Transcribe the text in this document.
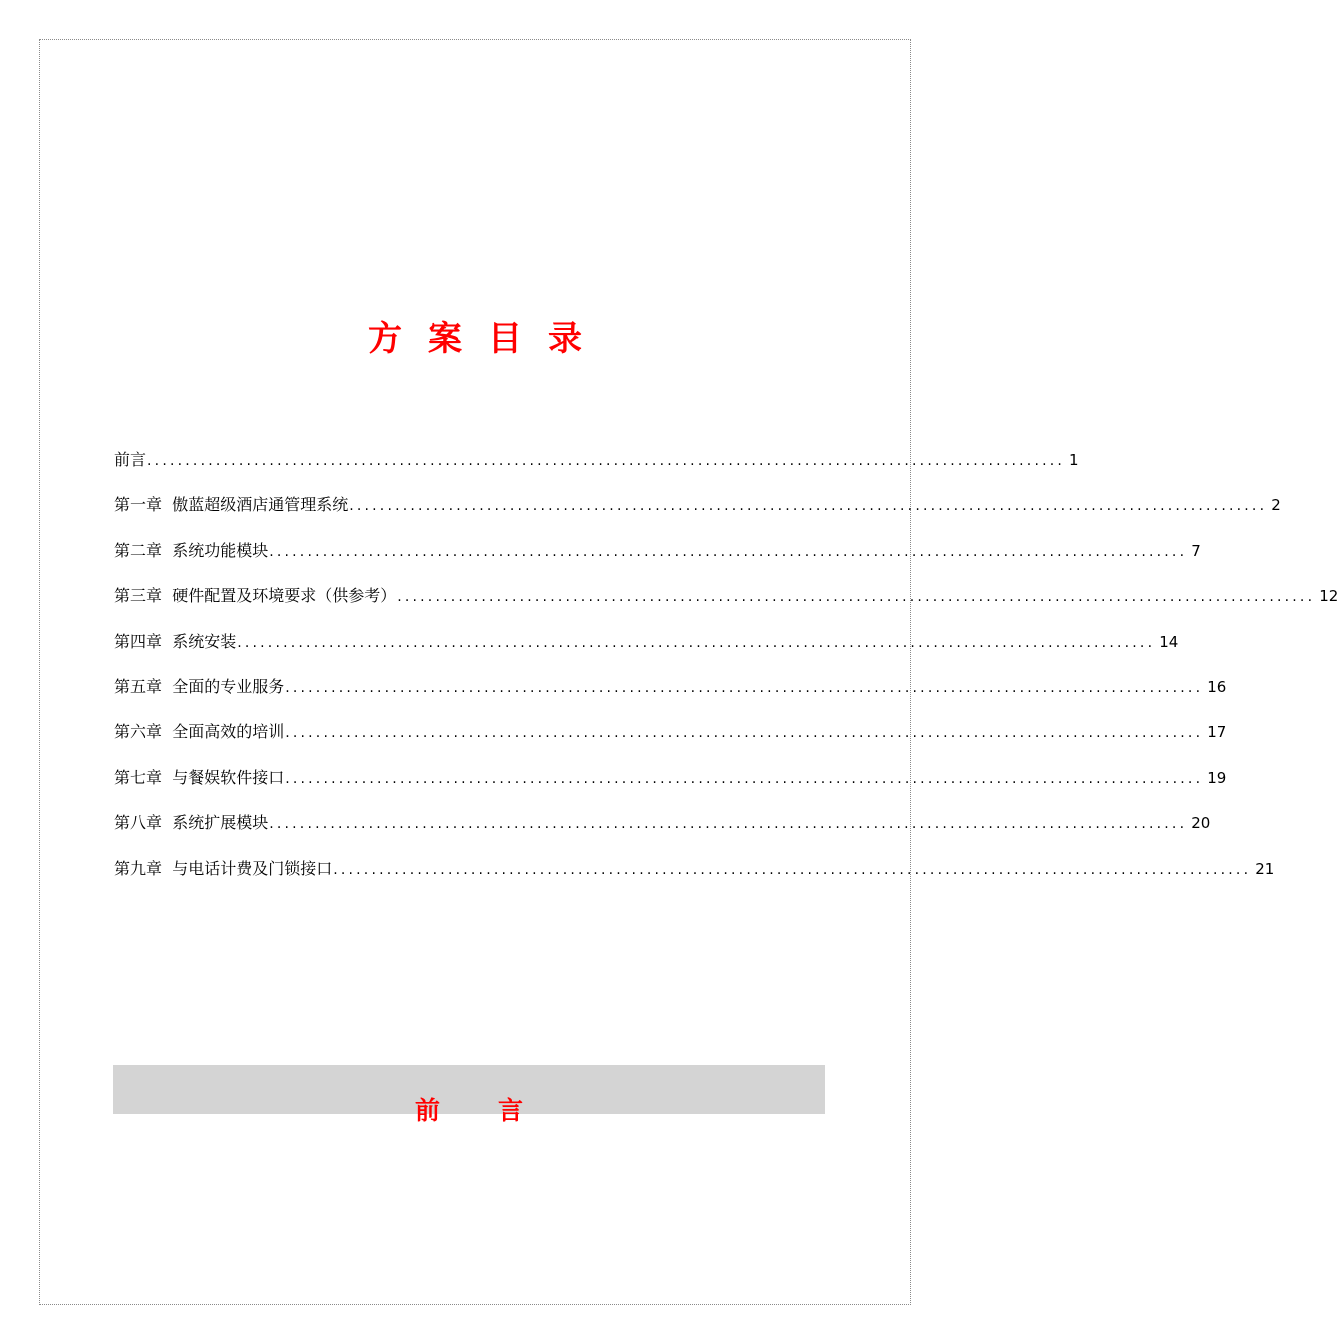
方案目录
前言 ........................................................................................................................ 1
第一章 傲蓝超级酒店通管理系统 ........................................................................................................................ 2
第二章 系统功能模块 ........................................................................................................................ 7
第三章 硬件配置及环境要求（供参考） ........................................................................................................................ 12
第四章 系统安装 ........................................................................................................................ 14
第五章 全面的专业服务 ........................................................................................................................ 16
第六章 全面高效的培训 ........................................................................................................................ 17
第七章 与餐娱软件接口 ........................................................................................................................ 19
第八章 系统扩展模块 ........................................................................................................................ 20
第九章 与电话计费及门锁接口 ........................................................................................................................ 21
前言
